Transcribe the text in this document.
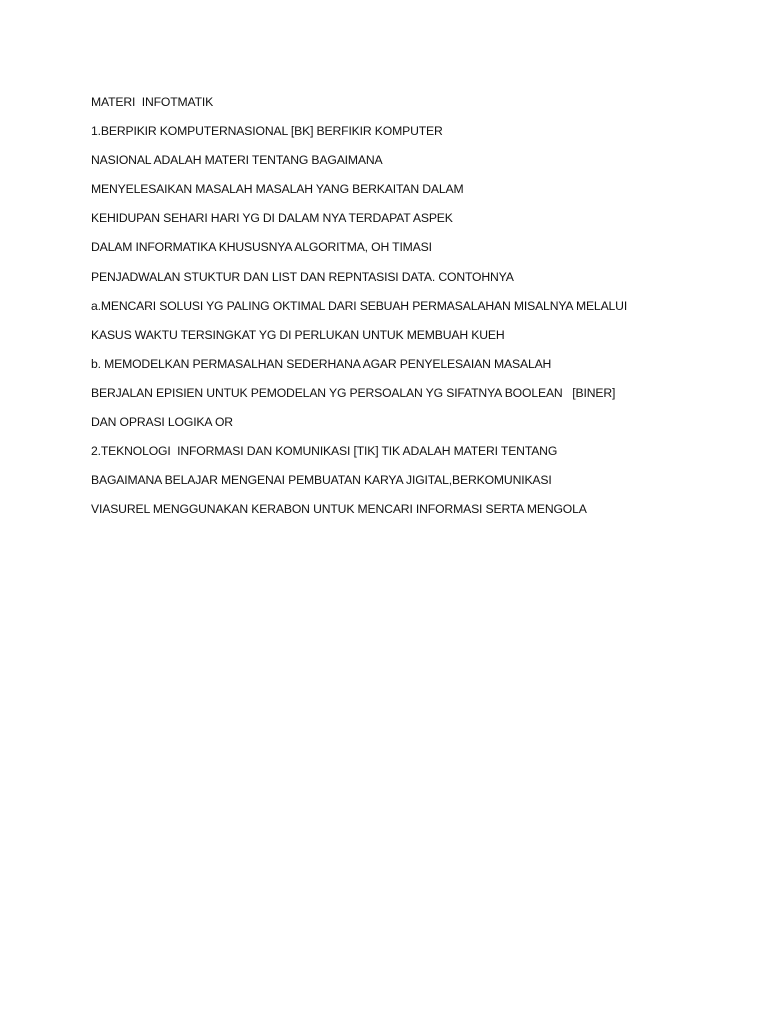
MATERI  INFOTMATIK

1.BERPIKIR KOMPUTERNASIONAL [BK] BERFIKIR KOMPUTER

NASIONAL ADALAH MATERI TENTANG BAGAIMANA

MENYELESAIKAN MASALAH MASALAH YANG BERKAITAN DALAM

KEHIDUPAN SEHARI HARI YG DI DALAM NYA TERDAPAT ASPEK

DALAM INFORMATIKA KHUSUSNYA ALGORITMA, OH TIMASI

PENJADWALAN STUKTUR DAN LIST DAN REPNTASISI DATA. CONTOHNYA

a.MENCARI SOLUSI YG PALING OKTIMAL DARI SEBUAH PERMASALAHAN MISALNYA MELALUI

KASUS WAKTU TERSINGKAT YG DI PERLUKAN UNTUK MEMBUAH KUEH

b. MEMODELKAN PERMASALHAN SEDERHANA AGAR PENYELESAIAN MASALAH

BERJALAN EPISIEN UNTUK PEMODELAN YG PERSOALAN YG SIFATNYA BOOLEAN   [BINER]

DAN OPRASI LOGIKA OR

2.TEKNOLOGI  INFORMASI DAN KOMUNIKASI [TIK] TIK ADALAH MATERI TENTANG

BAGAIMANA BELAJAR MENGENAI PEMBUATAN KARYA JIGITAL,BERKOMUNIKASI

VIASUREL MENGGUNAKAN KERABON UNTUK MENCARI INFORMASI SERTA MENGOLA
